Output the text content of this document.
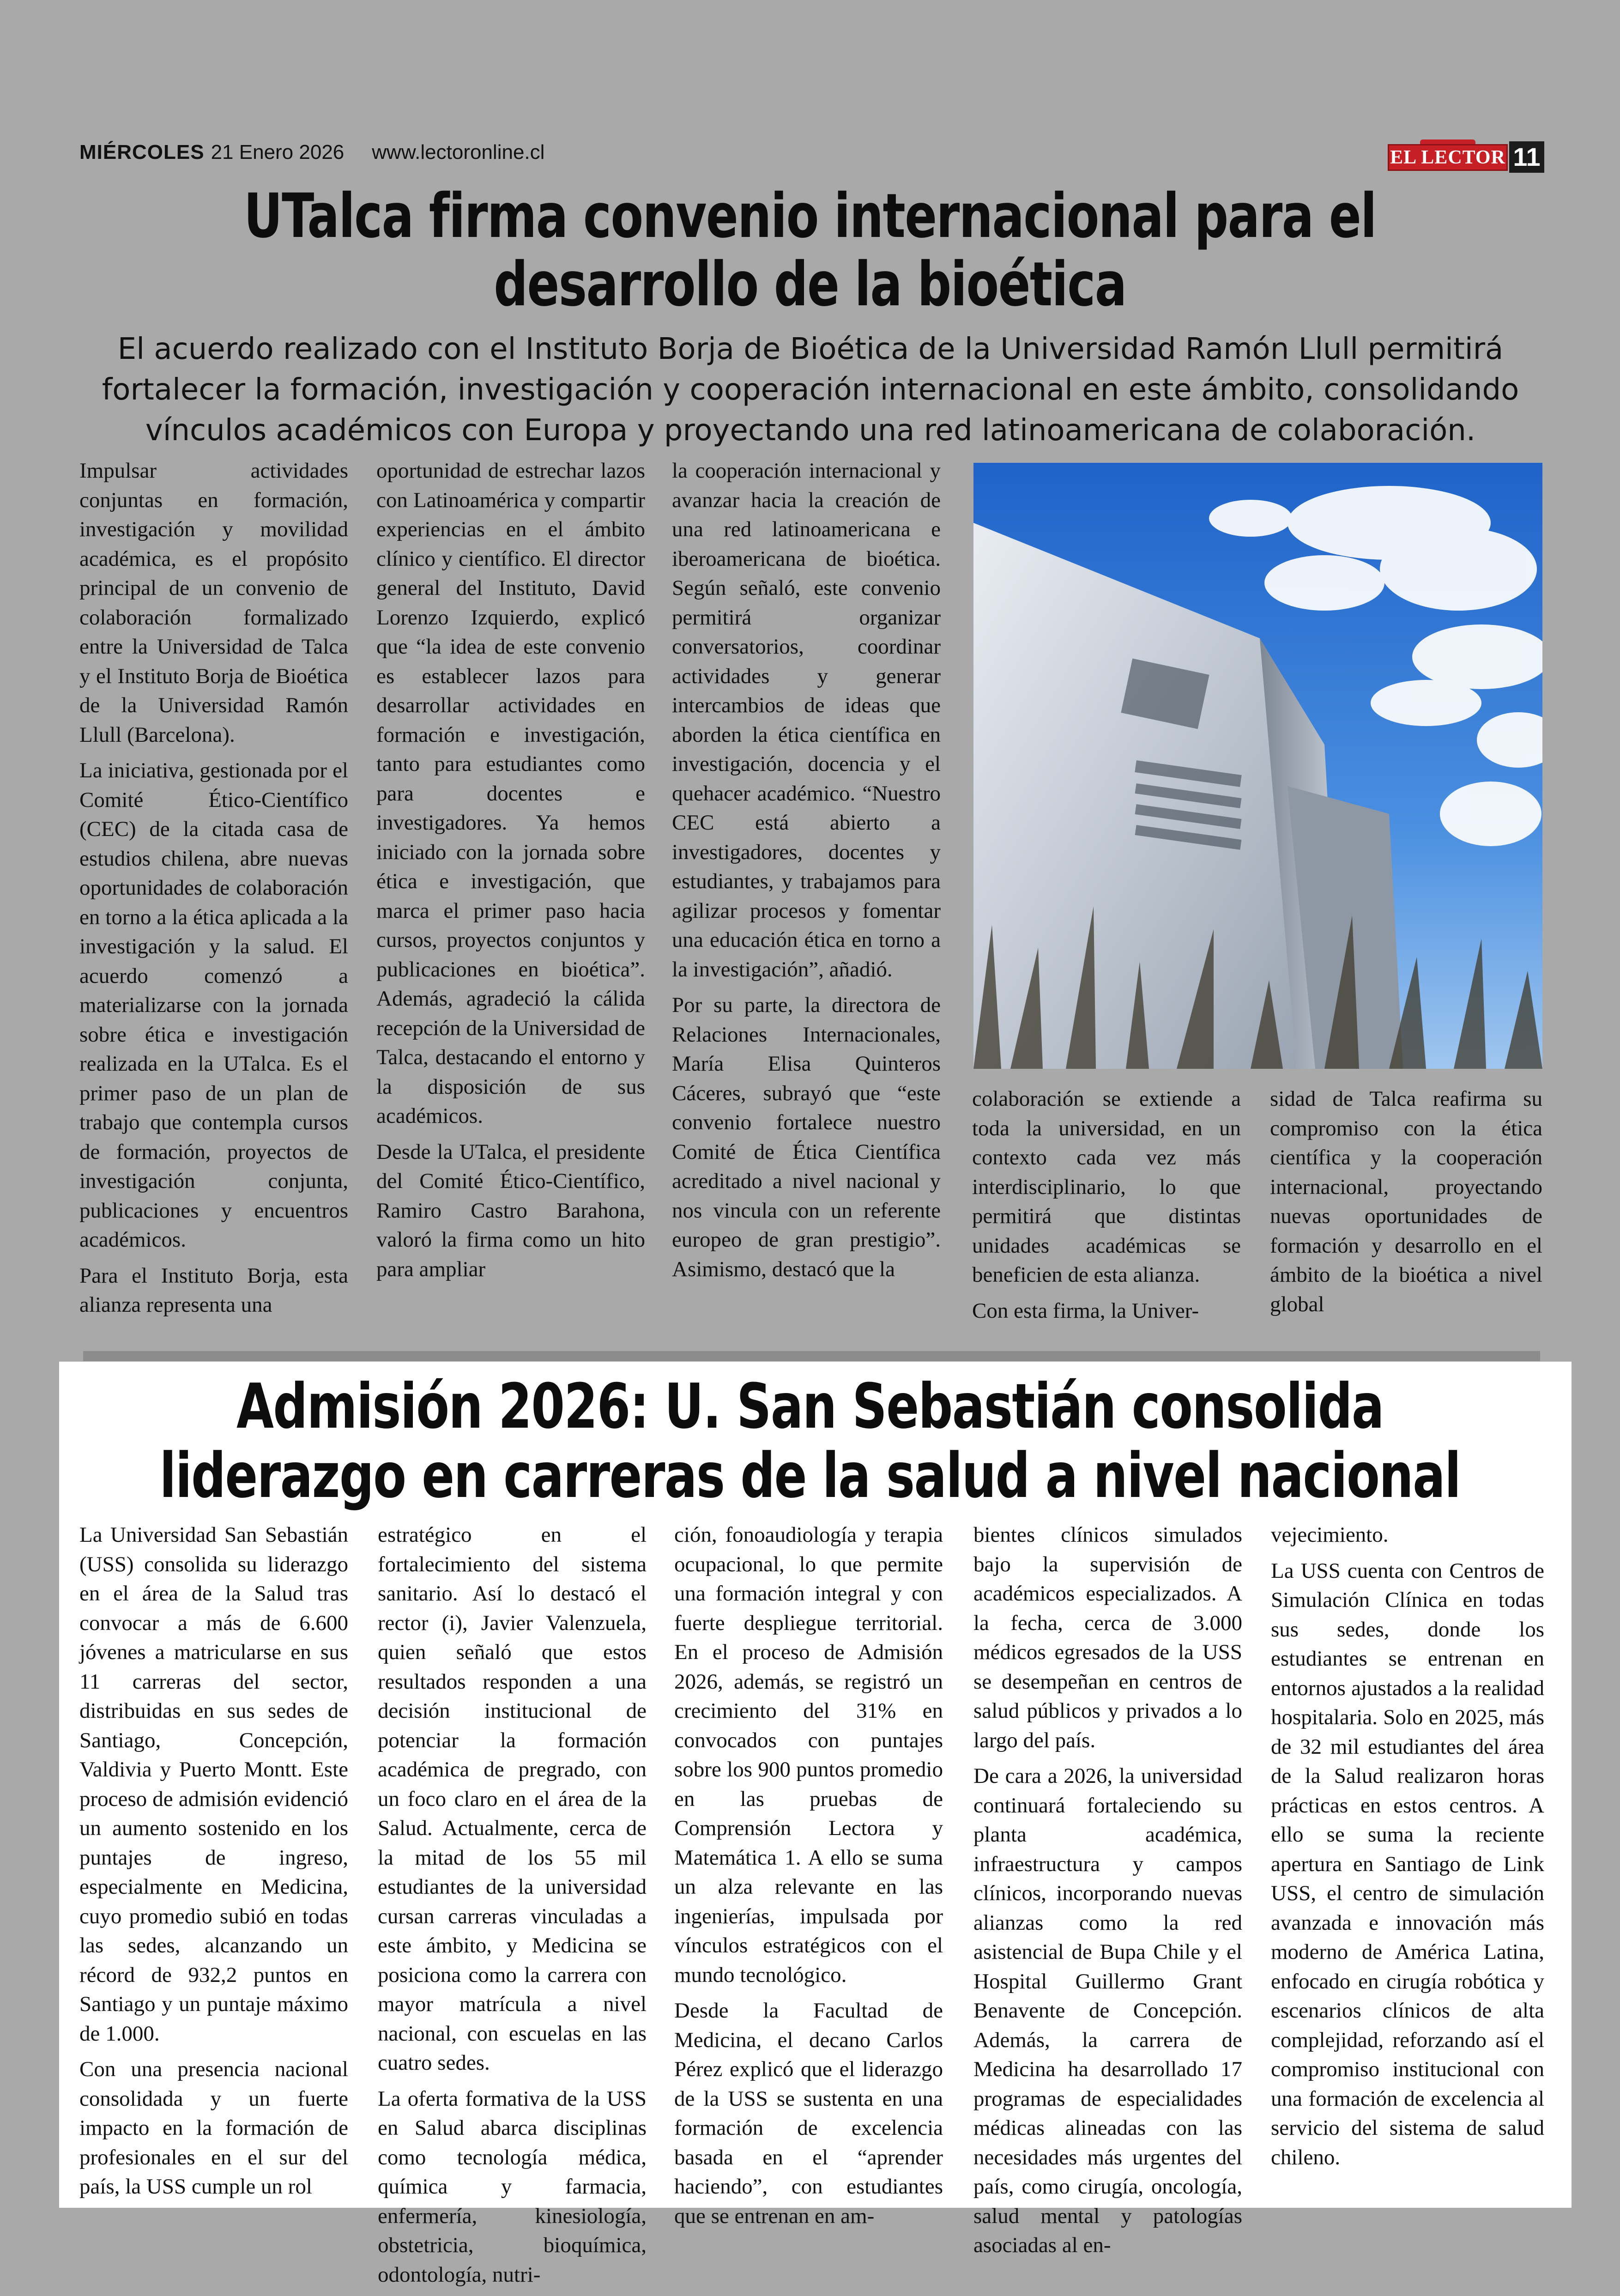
MIÉRCOLES 21 Enero 2026 www.lectoronline.cl	EL LECTOR 11
UTalca firma convenio internacional para el
desarrollo de la bioética
El acuerdo realizado con el Instituto Borja de Bioética de la Universidad Ramón Llull permitirá fortalecer la formación, investigación y cooperación internacional en este ámbito, consolidando vínculos académicos con Europa y proyectando una red latinoamericana de colaboración.

Impulsar actividades conjuntas en formación, investigación y movilidad académica, es el propósito principal de un convenio de colaboración formalizado entre la Universidad de Talca y el Instituto Borja de Bioética de la Universidad Ramón Llull (Barcelona).

La iniciativa, gestionada por el Comité Ético-Científico (CEC) de la citada casa de estudios chilena, abre nuevas oportunidades de colaboración en torno a la ética aplicada a la investigación y la salud. El acuerdo comenzó a materializarse con la jornada sobre ética e investigación realizada en la UTalca. Es el primer paso de un plan de trabajo que contempla cursos de formación, proyectos de investigación conjunta, publicaciones y encuentros académicos.

Para el Instituto Borja, esta alianza representa una

oportunidad de estrechar lazos con Latinoamérica y compartir experiencias en el ámbito clínico y científico. El director general del Instituto, David Lorenzo Izquierdo, explicó que “la idea de este convenio es establecer lazos para desarrollar actividades en formación e investigación, tanto para estudiantes como para docentes e investigadores. Ya hemos iniciado con la jornada sobre ética e investigación, que marca el primer paso hacia cursos, proyectos conjuntos y publicaciones en bioética”. Además, agradeció la cálida recepción de la Universidad de Talca, destacando el entorno y la disposición de sus académicos.

Desde la UTalca, el presidente del Comité Ético-Científico, Ramiro Castro Barahona, valoró la firma como un hito para ampliar

la cooperación internacional y avanzar hacia la creación de una red latinoamericana e iberoamericana de bioética. Según señaló, este convenio permitirá organizar conversatorios, coordinar actividades y generar intercambios de ideas que aborden la ética científica en investigación, docencia y el quehacer académico. “Nuestro CEC está abierto a investigadores, docentes y estudiantes, y trabajamos para agilizar procesos y fomentar una educación ética en torno a la investigación”, añadió.

Por su parte, la directora de Relaciones Internacionales, María Elisa Quinteros Cáceres, subrayó que “este convenio fortalece nuestro Comité de Ética Científica acreditado a nivel nacional y nos vincula con un referente europeo de gran prestigio”. Asimismo, destacó que la

colaboración se extiende a toda la universidad, en un contexto cada vez más interdisciplinario, lo que permitirá que distintas unidades académicas se beneficien de esta alianza.

Con esta firma, la Univer-

sidad de Talca reafirma su compromiso con la ética científica y la cooperación internacional, proyectando nuevas oportunidades de formación y desarrollo en el ámbito de la bioética a nivel global

Admisión 2026: U. San Sebastián consolida
liderazgo en carreras de la salud a nivel nacional

La Universidad San Sebastián (USS) consolida su liderazgo en el área de la Salud tras convocar a más de 6.600 jóvenes a matricularse en sus 11 carreras del sector, distribuidas en sus sedes de Santiago, Concepción, Valdivia y Puerto Montt. Este proceso de admisión evidenció un aumento sostenido en los puntajes de ingreso, especialmente en Medicina, cuyo promedio subió en todas las sedes, alcanzando un récord de 932,2 puntos en Santiago y un puntaje máximo de 1.000.

Con una presencia nacional consolidada y un fuerte impacto en la formación de profesionales en el sur del país, la USS cumple un rol

estratégico en el fortalecimiento del sistema sanitario. Así lo destacó el rector (i), Javier Valenzuela, quien señaló que estos resultados responden a una decisión institucional de potenciar la formación académica de pregrado, con un foco claro en el área de la Salud. Actualmente, cerca de la mitad de los 55 mil estudiantes de la universidad cursan carreras vinculadas a este ámbito, y Medicina se posiciona como la carrera con mayor matrícula a nivel nacional, con escuelas en las cuatro sedes.

La oferta formativa de la USS en Salud abarca disciplinas como tecnología médica, química y farmacia, enfermería, kinesiología, obstetricia, bioquímica, odontología, nutri-

ción, fonoaudiología y terapia ocupacional, lo que permite una formación integral y con fuerte despliegue territorial. En el proceso de Admisión 2026, además, se registró un crecimiento del 31% en convocados con puntajes sobre los 900 puntos promedio en las pruebas de Comprensión Lectora y Matemática 1. A ello se suma un alza relevante en las ingenierías, impulsada por vínculos estratégicos con el mundo tecnológico.

Desde la Facultad de Medicina, el decano Carlos Pérez explicó que el liderazgo de la USS se sustenta en una formación de excelencia basada en el “aprender haciendo”, con estudiantes que se entrenan en am-

bientes clínicos simulados bajo la supervisión de académicos especializados. A la fecha, cerca de 3.000 médicos egresados de la USS se desempeñan en centros de salud públicos y privados a lo largo del país.

De cara a 2026, la universidad continuará fortaleciendo su planta académica, infraestructura y campos clínicos, incorporando nuevas alianzas como la red asistencial de Bupa Chile y el Hospital Guillermo Grant Benavente de Concepción. Además, la carrera de Medicina ha desarrollado 17 programas de especialidades médicas alineadas con las necesidades más urgentes del país, como cirugía, oncología, salud mental y patologías asociadas al en-

vejecimiento.

La USS cuenta con Centros de Simulación Clínica en todas sus sedes, donde los estudiantes se entrenan en entornos ajustados a la realidad hospitalaria. Solo en 2025, más de 32 mil estudiantes del área de la Salud realizaron horas prácticas en estos centros. A ello se suma la reciente apertura en Santiago de Link USS, el centro de simulación avanzada e innovación más moderno de América Latina, enfocado en cirugía robótica y escenarios clínicos de alta complejidad, reforzando así el compromiso institucional con una formación de excelencia al servicio del sistema de salud chileno.
